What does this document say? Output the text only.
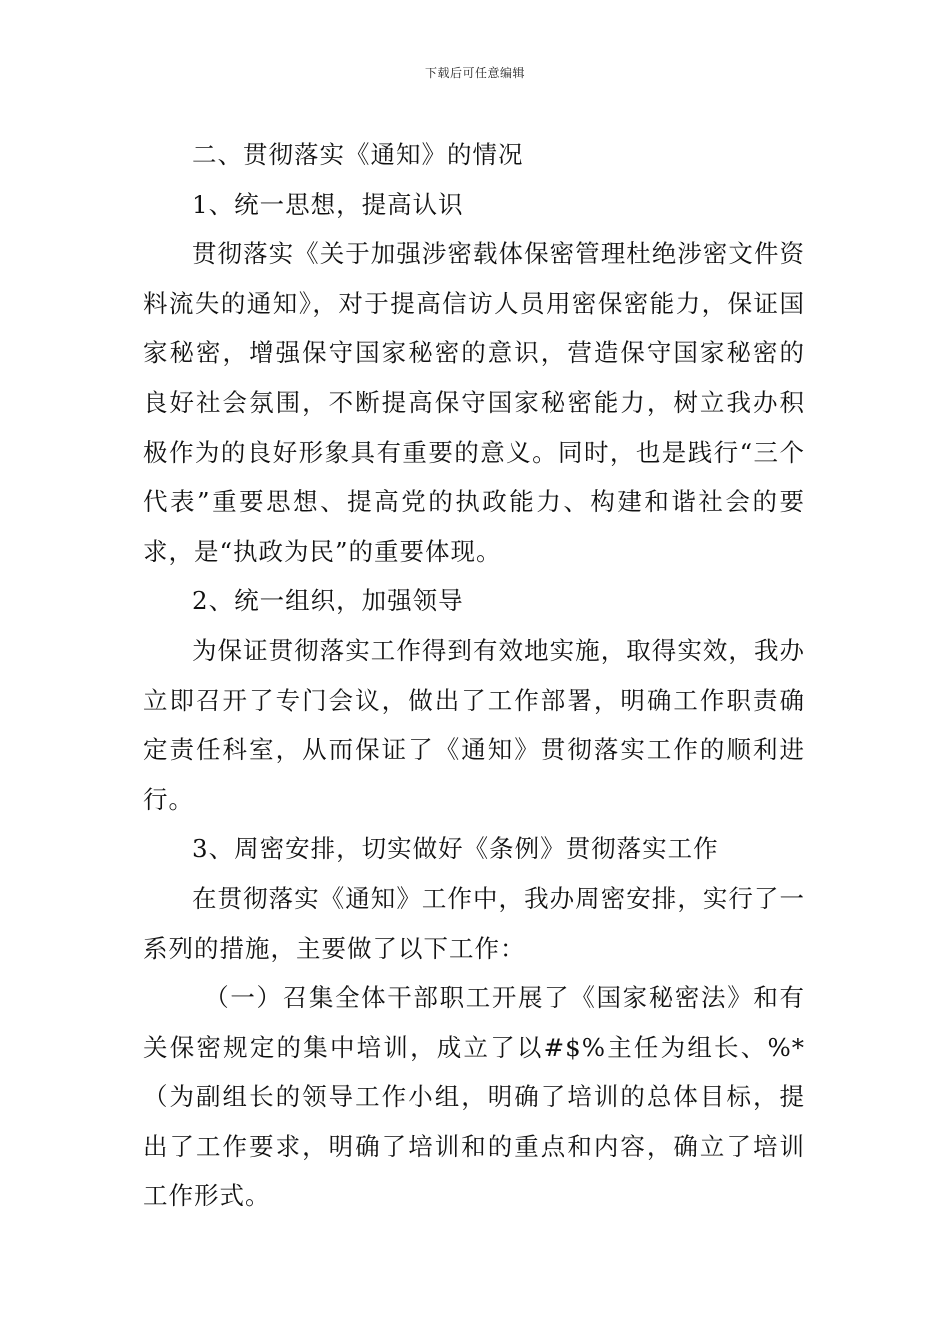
下载后可任意编辑

二、贯彻落实《通知》的情况

1、统一思想，提高认识

贯彻落实《关于加强涉密载体保密管理杜绝涉密文件资料流失的通知》，对于提高信访人员用密保密能力，保证国家秘密，增强保守国家秘密的意识，营造保守国家秘密的良好社会氛围，不断提高保守国家秘密能力，树立我办积极作为的良好形象具有重要的意义。同时，也是践行“三个代表”重要思想、提高党的执政能力、构建和谐社会的要求，是“执政为民”的重要体现。

2、统一组织，加强领导

为保证贯彻落实工作得到有效地实施，取得实效，我办立即召开了专门会议，做出了工作部署，明确工作职责确定责任科室，从而保证了《通知》贯彻落实工作的顺利进行。

3、周密安排，切实做好《条例》贯彻落实工作

在贯彻落实《通知》工作中，我办周密安排，实行了一系列的措施，主要做了以下工作：

（一）召集全体干部职工开展了《国家秘密法》和有关保密规定的集中培训，成立了以#$%主任为组长、%*（为副组长的领导工作小组，明确了培训的总体目标，提出了工作要求，明确了培训和的重点和内容，确立了培训工作形式。
